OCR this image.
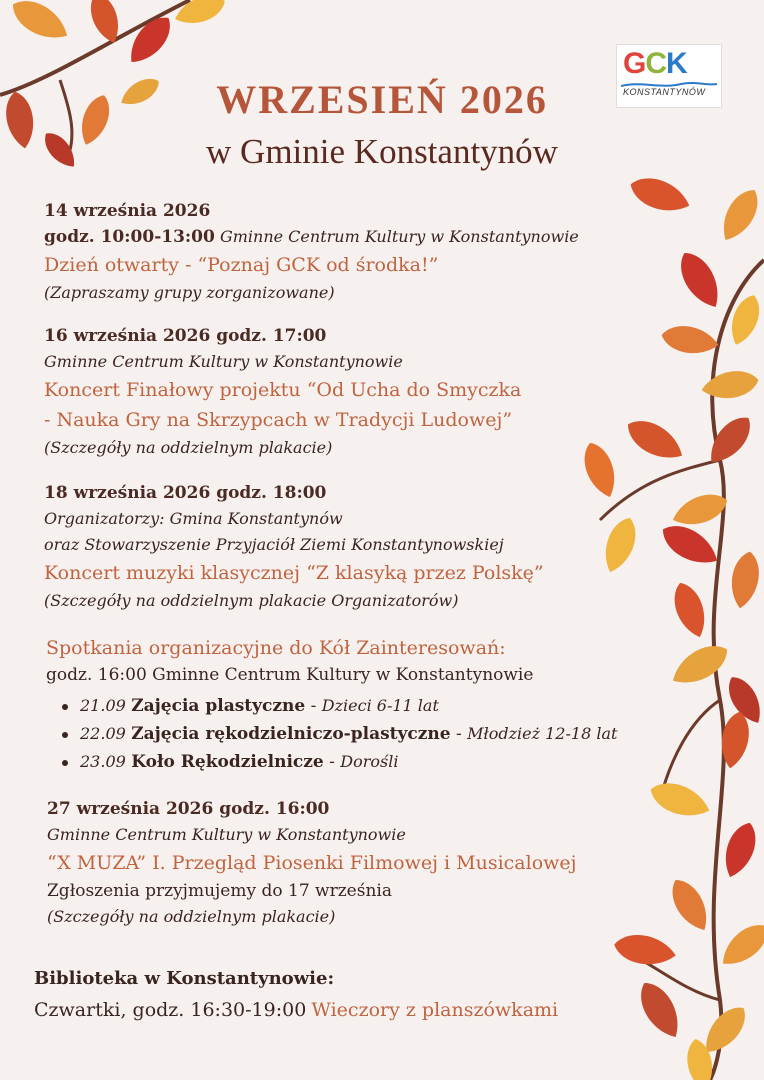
GCK
KONSTANTYNÓW
WRZESIEŃ 2026
w Gminie Konstantynów
14 września 2026
godz. 10:00-13:00 Gminne Centrum Kultury w Konstantynowie
Dzień otwarty - “Poznaj GCK od środka!”
(Zapraszamy grupy zorganizowane)
16 września 2026 godz. 17:00
Gminne Centrum Kultury w Konstantynowie
Koncert Finałowy projektu “Od Ucha do Smyczka
- Nauka Gry na Skrzypcach w Tradycji Ludowej”
(Szczegóły na oddzielnym plakacie)
18 września 2026 godz. 18:00
Organizatorzy: Gmina Konstantynów
oraz Stowarzyszenie Przyjaciół Ziemi Konstantynowskiej
Koncert muzyki klasycznej “Z klasyką przez Polskę”
(Szczegóły na oddzielnym plakacie Organizatorów)
Spotkania organizacyjne do Kół Zainteresowań:
godz. 16:00 Gminne Centrum Kultury w Konstantynowie
21.09 Zajęcia plastyczne - Dzieci 6-11 lat
22.09 Zajęcia rękodzielniczo-plastyczne - Młodzież 12-18 lat
23.09 Koło Rękodzielnicze - Dorośli
27 września 2026 godz. 16:00
Gminne Centrum Kultury w Konstantynowie
“X MUZA” I. Przegląd Piosenki Filmowej i Musicalowej
Zgłoszenia przyjmujemy do 17 września
(Szczegóły na oddzielnym plakacie)
Biblioteka w Konstantynowie:
Czwartki, godz. 16:30-19:00 Wieczory z planszówkami
